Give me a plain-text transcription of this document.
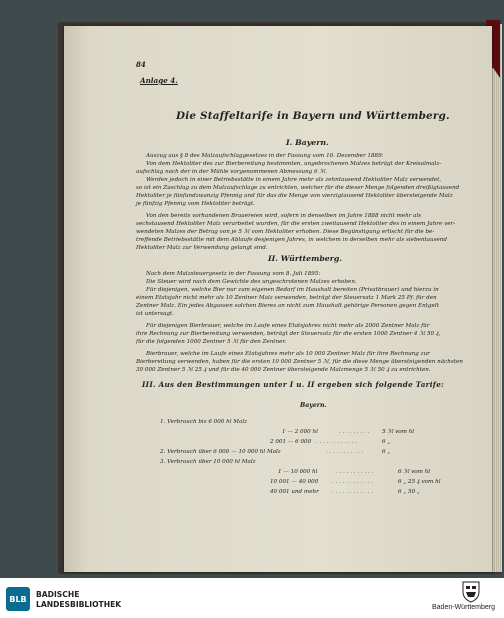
84
Anlage 4.
Die Staffeltarife in Bayern und Württemberg.
I. Bayern.
Auszug aus § 8 des Malzaufschlaggesetzes in der Fassung vom 10. Dezember 1889:
Von dem Hektoliter des zur Bierbereitung bestimmten, ungebrochenen Malzes beträgt der Kreisalmalz-
aufschlag nach der in der Mühle vorgenommenen Abmessung 6 ℳ.
Werden jedoch in einer Betriebsstätte in einem Jahre mehr als zehntausend Hektoliter Malz verwendet,
so ist ein Zuschlag zu dem Malzaufschlage zu entrichten, welcher für die dieser Menge folgenden dreißigtausend
Hektoliter je fünfundzwanzig Pfennig und für das die Menge von vierzigtausend Hektoliter übersteigende Malz
je fünfzig Pfennig vom Hektoliter beträgt.
Von den bereits vorhandenen Brauereien wird, sofern in denselben im Jahre 1888 nicht mehr als
sechstausend Hektoliter Malz verarbeitet wurden, für die ersten zweitausend Hektoliter des in einem Jahre ver-
wendeten Malzes der Betrag von je 5 ℳ vom Hektoliter erhoben. Diese Begünstigung erlischt für die be-
treffende Betriebsstätte mit dem Ablaufe desjenigen Jahres, in welchem in derselben mehr als siebentausend
Hektoliter Malz zur Verwendung gelangt sind.
II. Württemberg.
Nach dem Malzsteuergesetz in der Fassung vom 8. Juli 1895:
Die Steuer wird nach dem Gewichte des ungeschrotenen Malzes erhoben.
Für diejenigen, welche Bier nur zum eigenen Bedarf im Haushalt bereiten (Privatbrauer) und hierzu in
einem Etatsjahr nicht mehr als 10 Zentner Malz verwenden, beträgt der Steuersatz 1 Mark 25 Pf. für den
Zentner Malz. Ein jedes Abgassen solchen Bieres an nicht zum Haushalt gehörige Personen gegen Entgelt
ist untersagt.
Für diejenigen Bierbrauer, welche im Laufe eines Etatsjahres nicht mehr als 2000 Zentner Malz für
ihre Rechnung zur Bierbereitung verwenden, beträgt der Steuersatz für die ersten 1000 Zentner 4 ℳ 50 ₰,
für die folgenden 1000 Zentner 5 ℳ für den Zentner.
Bierbrauer, welche im Laufe eines Etatsjahres mehr als 10 000 Zentner Malz für ihre Rechnung zur
Bierbereitung verwenden, haben für die ersten 10 000 Zentner 5 ℳ, für die diese Menge übersteigenden nächsten
30 000 Zentner 5 ℳ 25 ₰ und für die 40 000 Zentner übersteigende Malzmenge 5 ℳ 50 ₰ zu entrichten.
III. Aus den Bestimmungen unter I u. II ergeben sich folgende Tarife:
Bayern.
1. Verbrauch bis 6 000 hl Malz
1 — 2 000 hl	. . . . . . . . . 5 ℳ vom hl
2 001 — 6 000 . . . . . . . . . . . .	6 „
2. Verbrauch über 6 000 — 10 000 hl Malz	. . . . . . . . . . .	6 „
3. Verbrauch über 10 000 hl Malz
1 — 10 000 hl	. . . . . . . . . . .	6 ℳ vom hl
10 001 — 40 000 . . . . . . . . . . . .	6 „ 25 ₰ vom hl
40 001 und mehr . . . . . . . . . . . .	6 „ 50 „
BLB BADISCHE
LANDESBIBLIOTHEK	Baden-Württemberg
